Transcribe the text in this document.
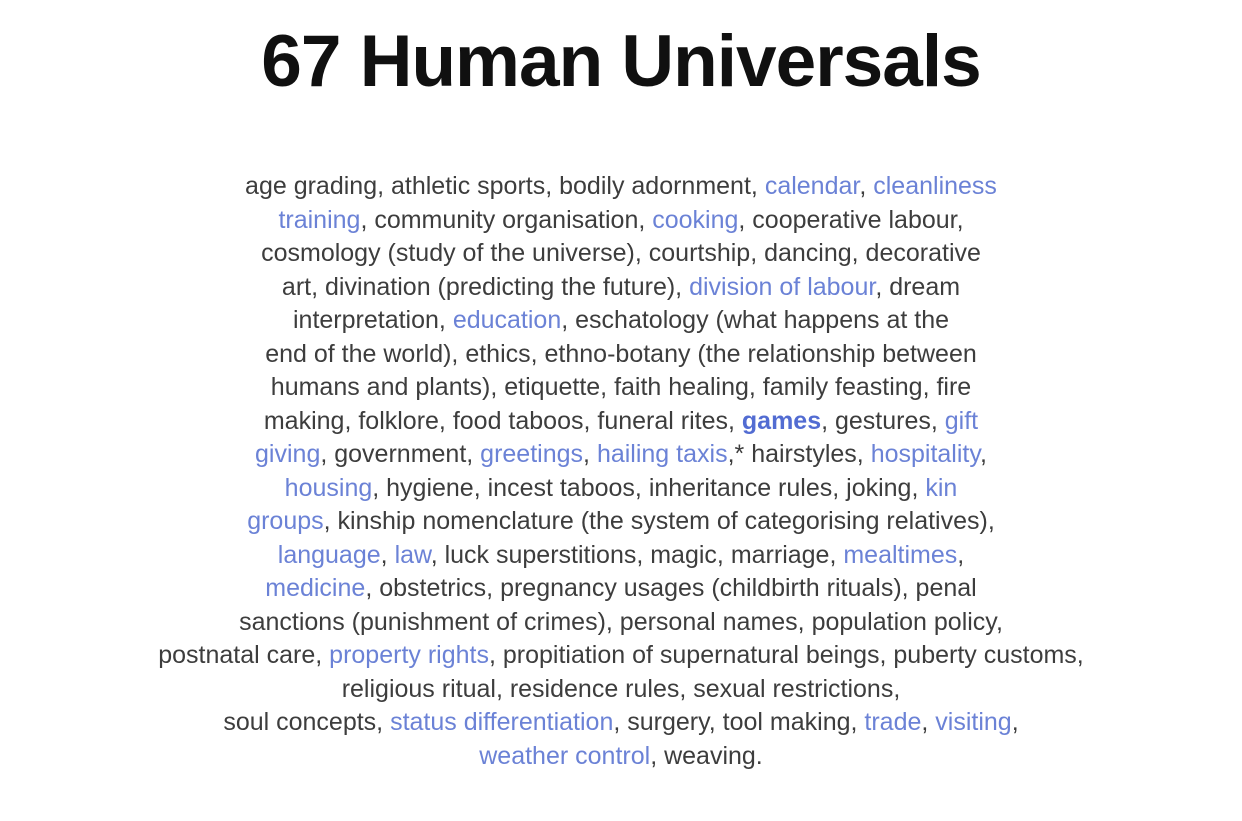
67 Human Universals
age grading, athletic sports, bodily adornment, calendar, cleanliness
training, community organisation, cooking, cooperative labour,
cosmology (study of the universe), courtship, dancing, decorative
art, divination (predicting the future), division of labour, dream
interpretation, education, eschatology (what happens at the
end of the world), ethics, ethno-botany (the relationship between
humans and plants), etiquette, faith healing, family feasting, fire
making, folklore, food taboos, funeral rites, games, gestures, gift
giving, government, greetings, hailing taxis,* hairstyles, hospitality,
housing, hygiene, incest taboos, inheritance rules, joking, kin
groups, kinship nomenclature (the system of categorising relatives),
language, law, luck superstitions, magic, marriage, mealtimes,
medicine, obstetrics, pregnancy usages (childbirth rituals), penal
sanctions (punishment of crimes), personal names, population policy,
postnatal care, property rights, propitiation of supernatural beings, puberty customs,
religious ritual, residence rules, sexual restrictions,
soul concepts, status differentiation, surgery, tool making, trade, visiting,
weather control, weaving.
